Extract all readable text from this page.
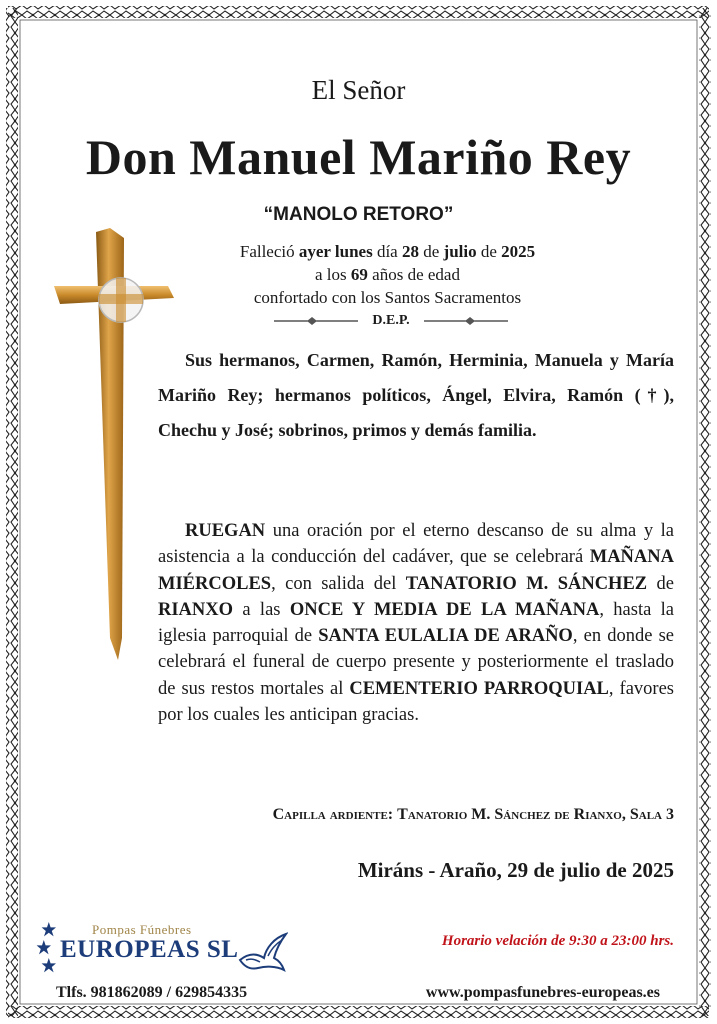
El Señor
Don Manuel Mariño Rey
“MANOLO RETORO”
Falleció ayer lunes día 28 de julio de 2025
a los 69 años de edad
confortado con los Santos Sacramentos
D.E.P.

Sus hermanos, Carmen, Ramón, Herminia, Manuela y María Mariño Rey; hermanos políticos, Ángel, Elvira, Ramón (†), Chechu y José; sobrinos, primos y demás familia.

RUEGAN una oración por el eterno descanso de su alma y la asistencia a la conducción del cadáver, que se celebrará MAÑANA MIÉRCOLES, con salida del TANATORIO M. SÁNCHEZ de RIANXO a las ONCE Y MEDIA DE LA MAÑANA, hasta la iglesia parroquial de SANTA EULALIA DE ARAÑO, en donde se celebrará el funeral de cuerpo presente y posteriormente el traslado de sus restos mortales al CEMENTERIO PARROQUIAL, favores por los cuales les anticipan gracias.

Capilla ardiente: Tanatorio M. Sánchez de Rianxo, Sala 3
Miráns - Araño, 29 de julio de 2025
Pompas Fúnebres
EUROPEAS SL	Horario velación de 9:30 a 23:00 hrs.
Tlfs. 981862089 / 629854335	www.pompasfunebres-europeas.es
